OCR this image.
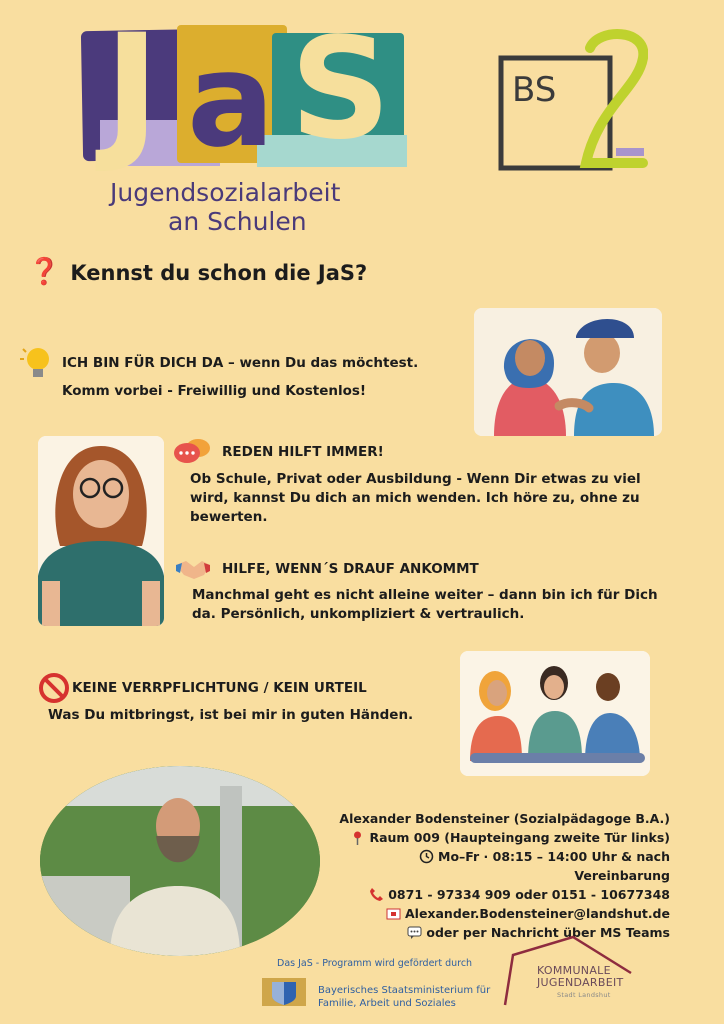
J a S
Jugendsozialarbeit
an Schulen
BS
❓ Kennst du schon die JaS?
ICH BIN FÜR DICH DA – wenn Du das möchtest.
Komm vorbei - Freiwillig und Kostenlos!
REDEN HILFT IMMER!
Ob Schule, Privat oder Ausbildung - Wenn Dir etwas zu viel wird, kannst Du dich an mich wenden. Ich höre zu, ohne zu bewerten.
HILFE, WENN´S DRAUF ANKOMMT
Manchmal geht es nicht alleine weiter – dann bin ich für Dich da. Persönlich, unkompliziert & vertraulich.
KEINE VERRPFLICHTUNG / KEIN URTEIL
Was Du mitbringst, ist bei mir in guten Händen.
Alexander Bodensteiner (Sozialpädagoge B.A.)
Raum 009 (Haupteingang zweite Tür links)
Mo–Fr · 08:15 – 14:00 Uhr & nach Vereinbarung
0871 - 97334 909 oder 0151 - 10677348
Alexander.Bodensteiner@landshut.de
oder per Nachricht über MS Teams
Das JaS - Programm wird gefördert durch
Bayerisches Staatsministerium für
Familie, Arbeit und Soziales
KOMMUNALE
JUGENDARBEIT
Stadt Landshut
